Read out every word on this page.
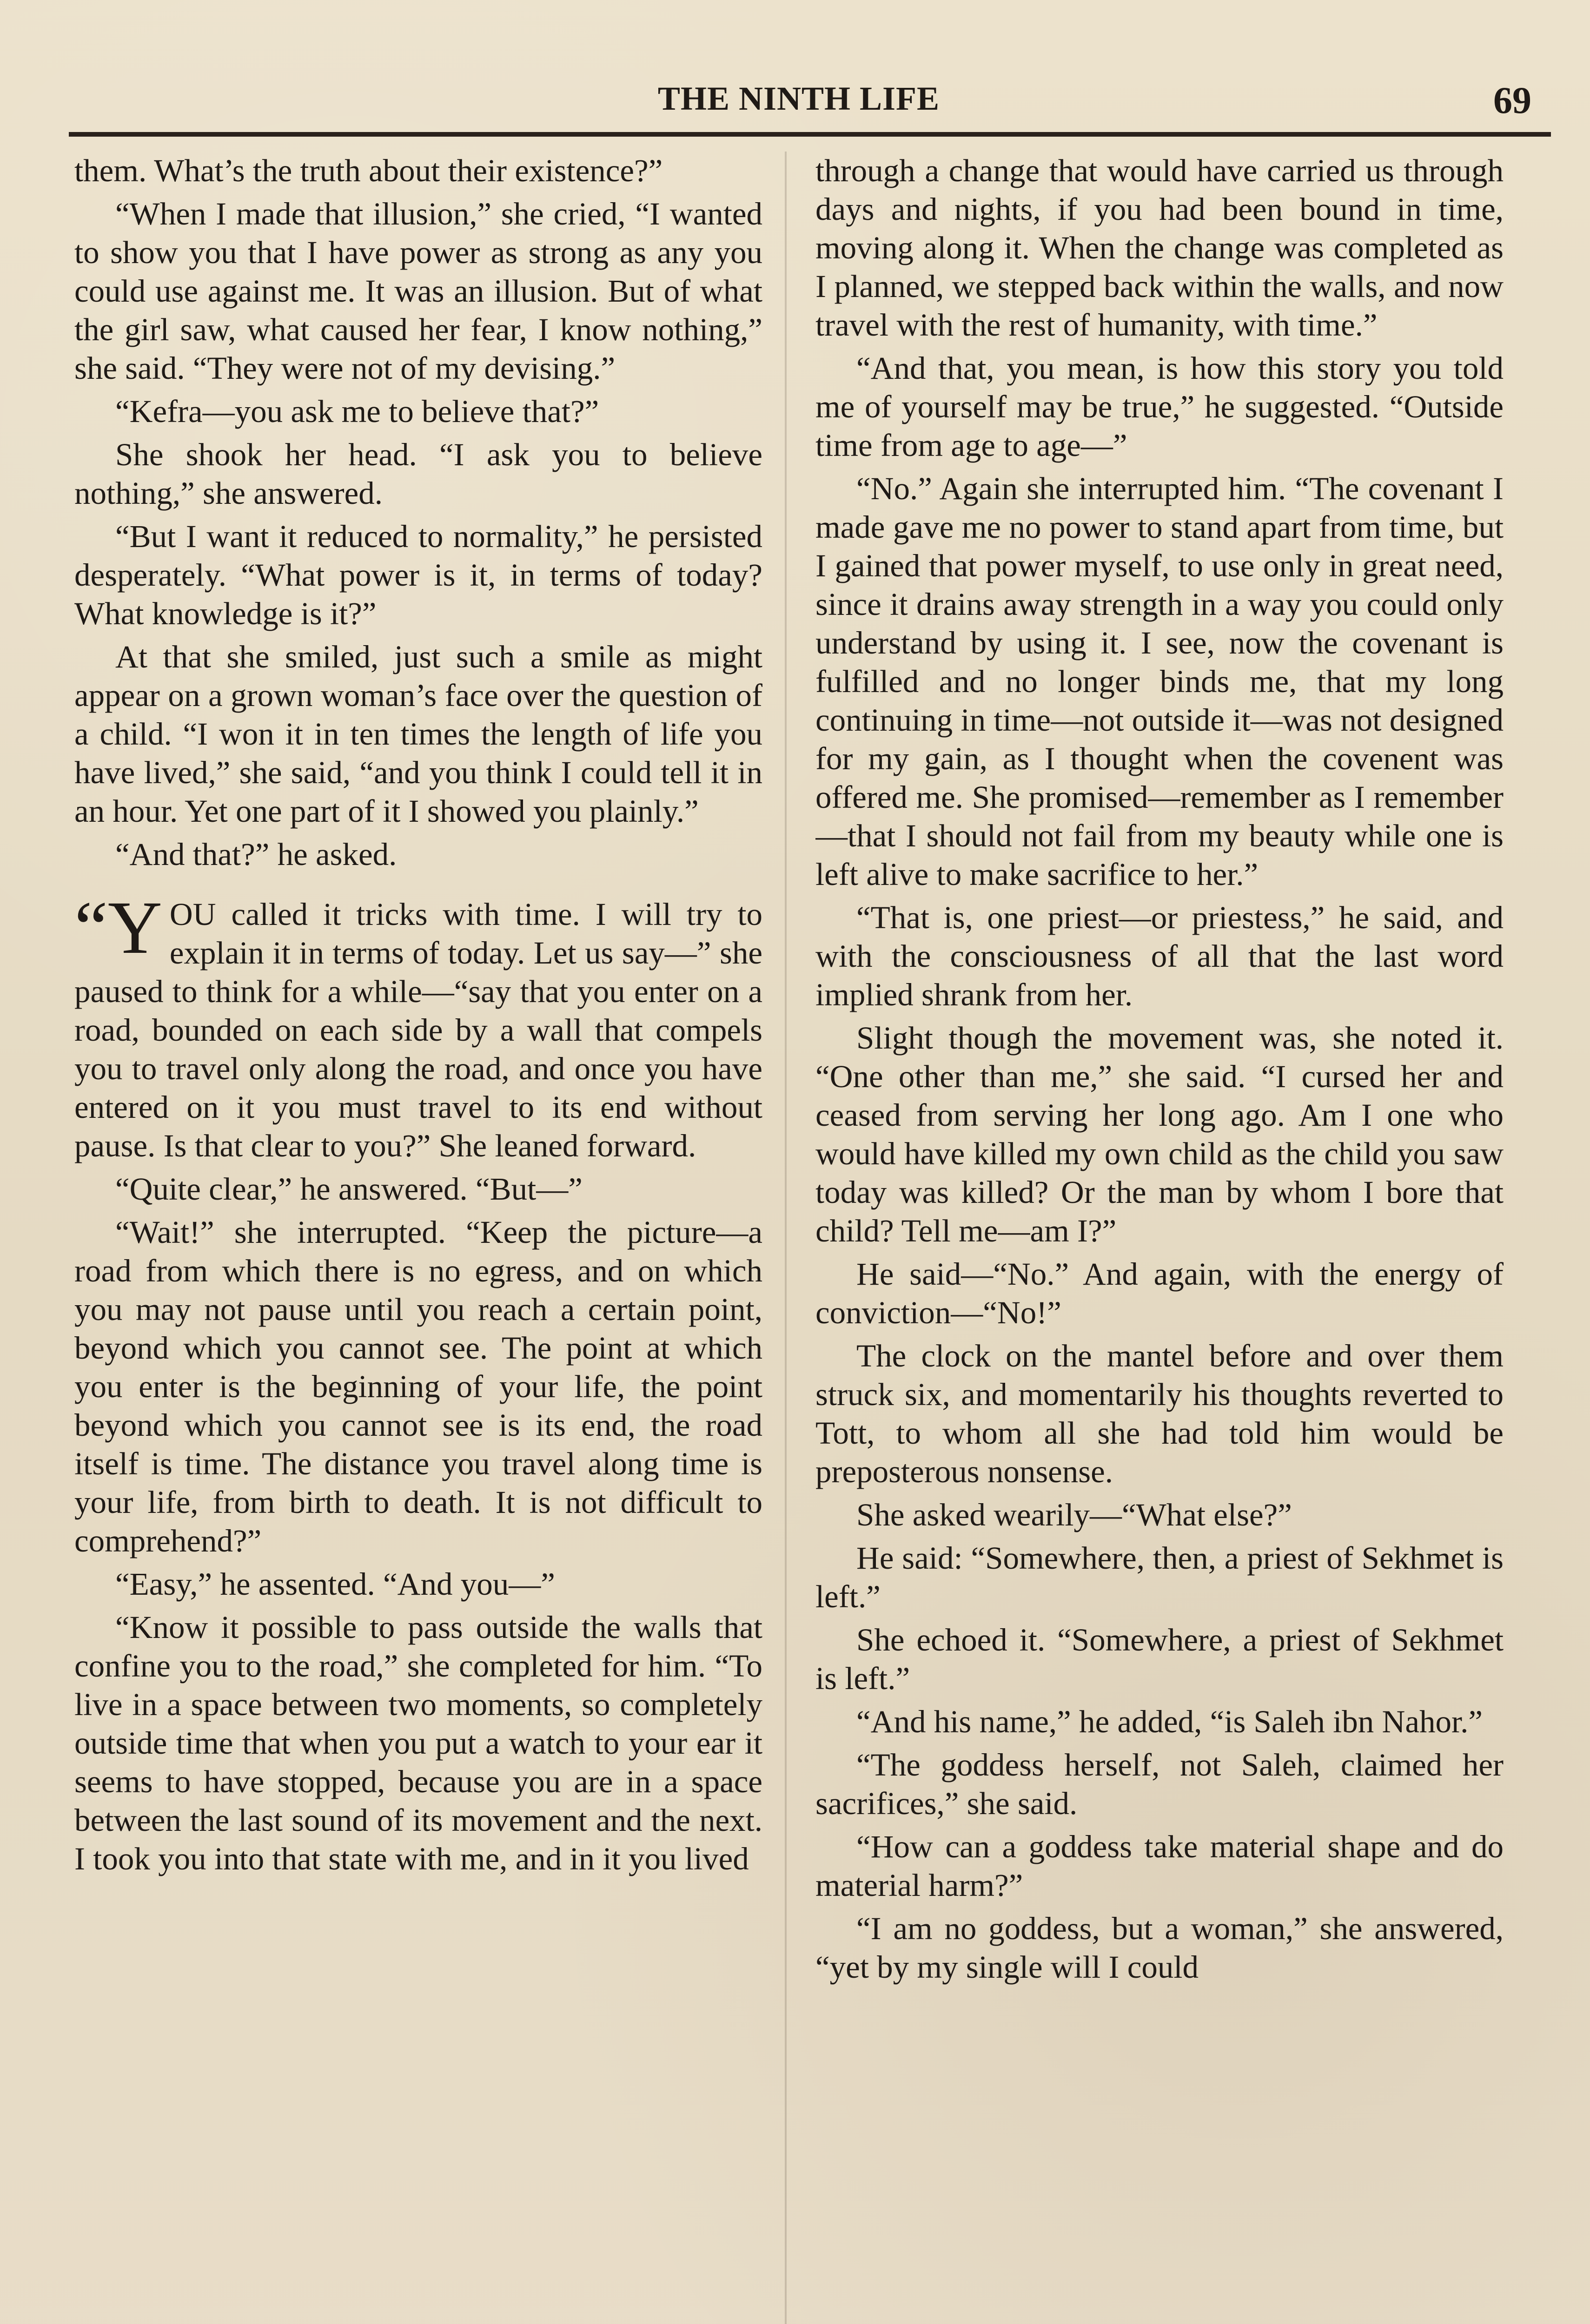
THE NINTH LIFE	69

them. What’s the truth about their existence?”

“When I made that illusion,” she cried, “I wanted to show you that I have power as strong as any you could use against me. It was an illusion. But of what the girl saw, what caused her fear, I know nothing,” she said. “They were not of my devising.”

“Kefra—you ask me to believe that?”

She shook her head. “I ask you to believe nothing,” she answered.

“But I want it reduced to normality,” he persisted desperately. “What power is it, in terms of today? What knowledge is it?”

At that she smiled, just such a smile as might appear on a grown woman’s face over the question of a child. “I won it in ten times the length of life you have lived,” she said, “and you think I could tell it in an hour. Yet one part of it I showed you plainly.”

“And that?” he asked.

“YOU called it tricks with time. I will try to explain it in terms of today. Let us say—” she paused to think for a while—“say that you enter on a road, bounded on each side by a wall that compels you to travel only along the road, and once you have entered on it you must travel to its end without pause. Is that clear to you?” She leaned forward.

“Quite clear,” he answered. “But—”

“Wait!” she interrupted. “Keep the picture—a road from which there is no egress, and on which you may not pause until you reach a certain point, beyond which you cannot see. The point at which you enter is the beginning of your life, the point beyond which you cannot see is its end, the road itself is time. The distance you travel along time is your life, from birth to death. It is not difficult to comprehend?”

“Easy,” he assented. “And you—”

“Know it possible to pass outside the walls that confine you to the road,” she completed for him. “To live in a space between two moments, so completely outside time that when you put a watch to your ear it seems to have stopped, because you are in a space between the last sound of its movement and the next. I took you into that state with me, and in it you lived

through a change that would have carried us through days and nights, if you had been bound in time, moving along it. When the change was completed as I planned, we stepped back within the walls, and now travel with the rest of humanity, with time.”

“And that, you mean, is how this story you told me of yourself may be true,” he suggested. “Outside time from age to age—”

“No.” Again she interrupted him. “The covenant I made gave me no power to stand apart from time, but I gained that power myself, to use only in great need, since it drains away strength in a way you could only understand by using it. I see, now the covenant is fulfilled and no longer binds me, that my long continuing in time—not outside it—was not designed for my gain, as I thought when the covenent was offered me. She promised—remember as I remember—that I should not fail from my beauty while one is left alive to make sacrifice to her.”

“That is, one priest—or priestess,” he said, and with the consciousness of all that the last word implied shrank from her.

Slight though the movement was, she noted it. “One other than me,” she said. “I cursed her and ceased from serving her long ago. Am I one who would have killed my own child as the child you saw today was killed? Or the man by whom I bore that child? Tell me—am I?”

He said—“No.” And again, with the energy of conviction—“No!”

The clock on the mantel before and over them struck six, and momentarily his thoughts reverted to Tott, to whom all she had told him would be preposterous nonsense.

She asked wearily—“What else?”

He said: “Somewhere, then, a priest of Sekhmet is left.”

She echoed it. “Somewhere, a priest of Sekhmet is left.”

“And his name,” he added, “is Saleh ibn Nahor.”

“The goddess herself, not Saleh, claimed her sacrifices,” she said.

“How can a goddess take material shape and do material harm?”

“I am no goddess, but a woman,” she answered, “yet by my single will I could
